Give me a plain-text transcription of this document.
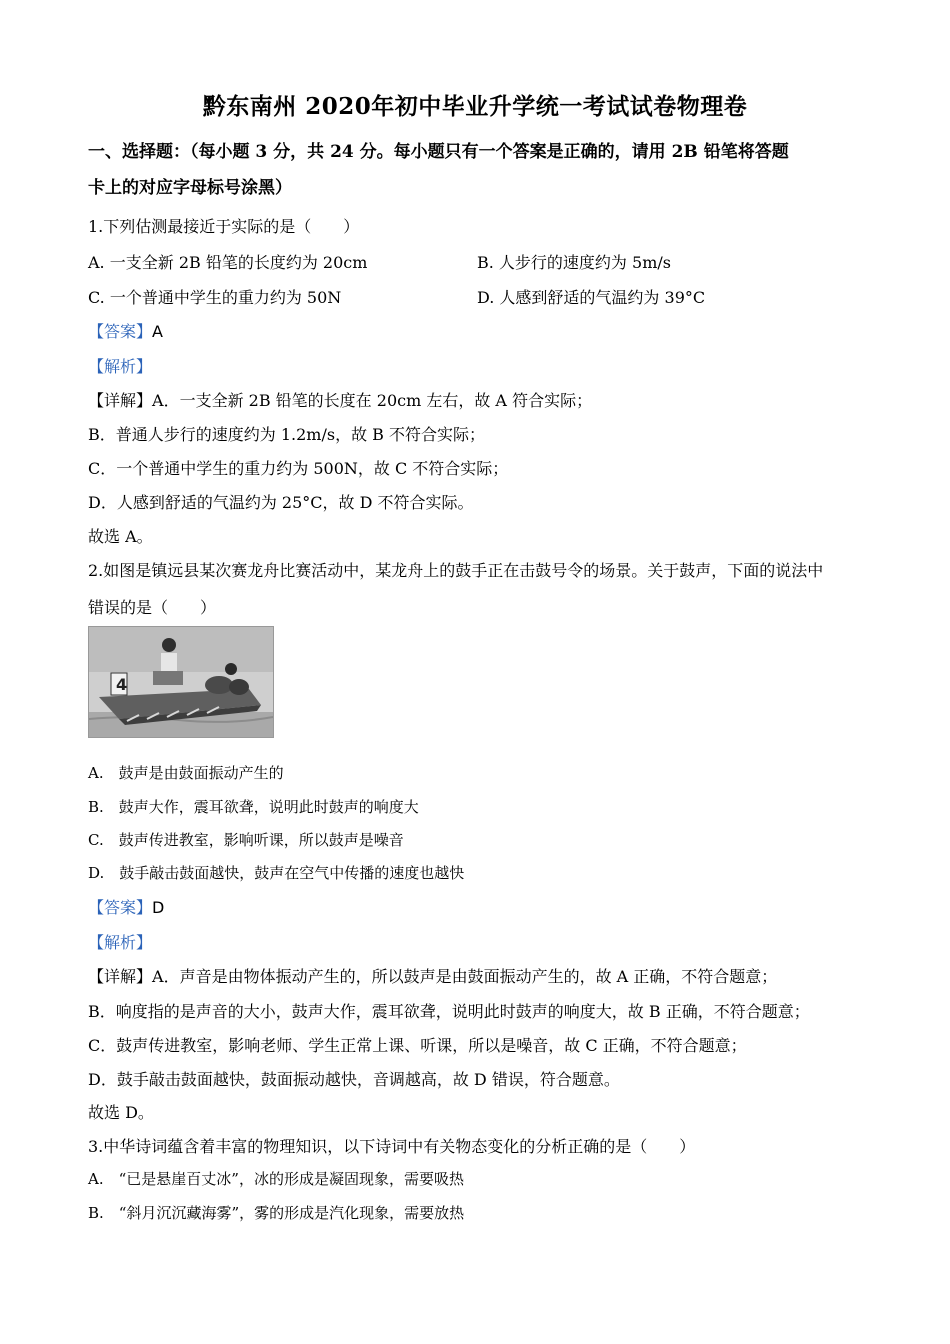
黔东南州 2020年初中毕业升学统一考试试卷物理卷
一、选择题：（每小题 3 分，共 24 分。每小题只有一个答案是正确的，请用 2B 铅笔将答题
卡上的对应字母标号涂黑）
1.下列估测最接近于实际的是（　　）
A. 一支全新 2B 铅笔的长度约为 20cm	B. 人步行的速度约为 5m/s
C. 一个普通中学生的重力约为 50N	D. 人感到舒适的气温约为 39°C
【答案】A
【解析】
【详解】A．一支全新 2B 铅笔的长度在 20cm 左右，故 A 符合实际；
B．普通人步行的速度约为 1.2m/s，故 B 不符合实际；
C．一个普通中学生的重力约为 500N，故 C 不符合实际；
D．人感到舒适的气温约为 25°C，故 D 不符合实际。
故选 A。
2.如图是镇远县某次赛龙舟比赛活动中，某龙舟上的鼓手正在击鼓号令的场景。关于鼓声，下面的说法中
错误的是（　　）
4
A.　鼓声是由鼓面振动产生的
B.　鼓声大作，震耳欲聋，说明此时鼓声的响度大
C.　鼓声传进教室，影响听课，所以鼓声是噪音
D.　鼓手敲击鼓面越快，鼓声在空气中传播的速度也越快
【答案】D
【解析】
【详解】A．声音是由物体振动产生的，所以鼓声是由鼓面振动产生的，故 A 正确，不符合题意；
B．响度指的是声音的大小，鼓声大作，震耳欲聋，说明此时鼓声的响度大，故 B 正确，不符合题意；
C．鼓声传进教室，影响老师、学生正常上课、听课，所以是噪音，故 C 正确，不符合题意；
D．鼓手敲击鼓面越快，鼓面振动越快，音调越高，故 D 错误，符合题意。
故选 D。
3.中华诗词蕴含着丰富的物理知识，以下诗词中有关物态变化的分析正确的是（　　）
A.　“已是悬崖百丈冰”，冰的形成是凝固现象，需要吸热
B.　“斜月沉沉藏海雾”，雾的形成是汽化现象，需要放热
